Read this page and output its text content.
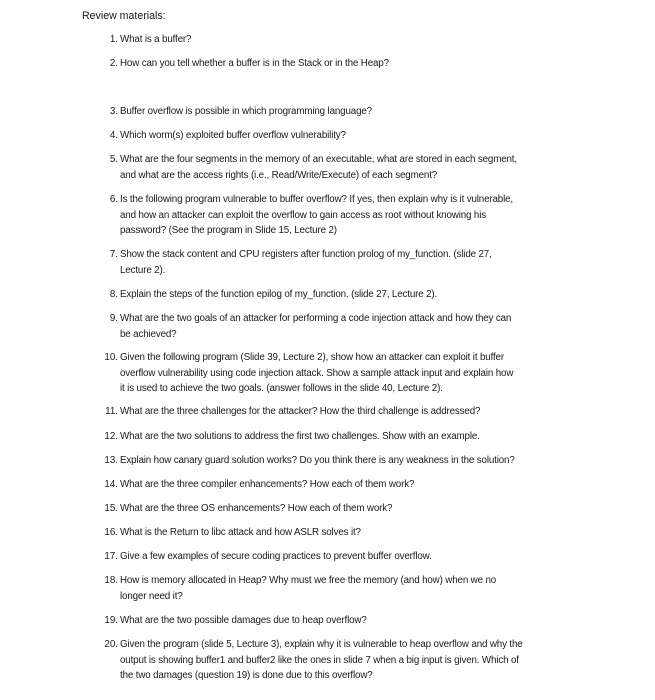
Review materials:
1. What is a buffer?
2. How can you tell whether a buffer is in the Stack or in the Heap?
3. Buffer overflow is possible in which programming language?
4. Which worm(s) exploited buffer overflow vulnerability?
5. What are the four segments in the memory of an executable, what are stored in each segment,
and what are the access rights (i.e., Read/Write/Execute) of each segment?
6. Is the following program vulnerable to buffer overflow? If yes, then explain why is it vulnerable,
and how an attacker can exploit the overflow to gain access as root without knowing his
password? (See the program in Slide 15, Lecture 2)
7. Show the stack content and CPU registers after function prolog of my_function. (slide 27,
Lecture 2).
8. Explain the steps of the function epilog of my_function. (slide 27, Lecture 2).
9. What are the two goals of an attacker for performing a code injection attack and how they can
be achieved?
10. Given the following program (Slide 39, Lecture 2), show how an attacker can exploit it buffer
overflow vulnerability using code injection attack. Show a sample attack input and explain how
it is used to achieve the two goals. (answer follows in the slide 40, Lecture 2).
11. What are the three challenges for the attacker? How the third challenge is addressed?
12. What are the two solutions to address the first two challenges. Show with an example.
13. Explain how canary guard solution works? Do you think there is any weakness in the solution?
14. What are the three compiler enhancements? How each of them work?
15. What are the three OS enhancements? How each of them work?
16. What is the Return to libc attack and how ASLR solves it?
17. Give a few examples of secure coding practices to prevent buffer overflow.
18. How is memory allocated in Heap? Why must we free the memory (and how) when we no
longer need it?
19. What are the two possible damages due to heap overflow?
20. Given the program (slide 5, Lecture 3), explain why it is vulnerable to heap overflow and why the
output is showing buffer1 and buffer2 like the ones in slide 7 when a big input is given. Which of
the two damages (question 19) is done due to this overflow?
